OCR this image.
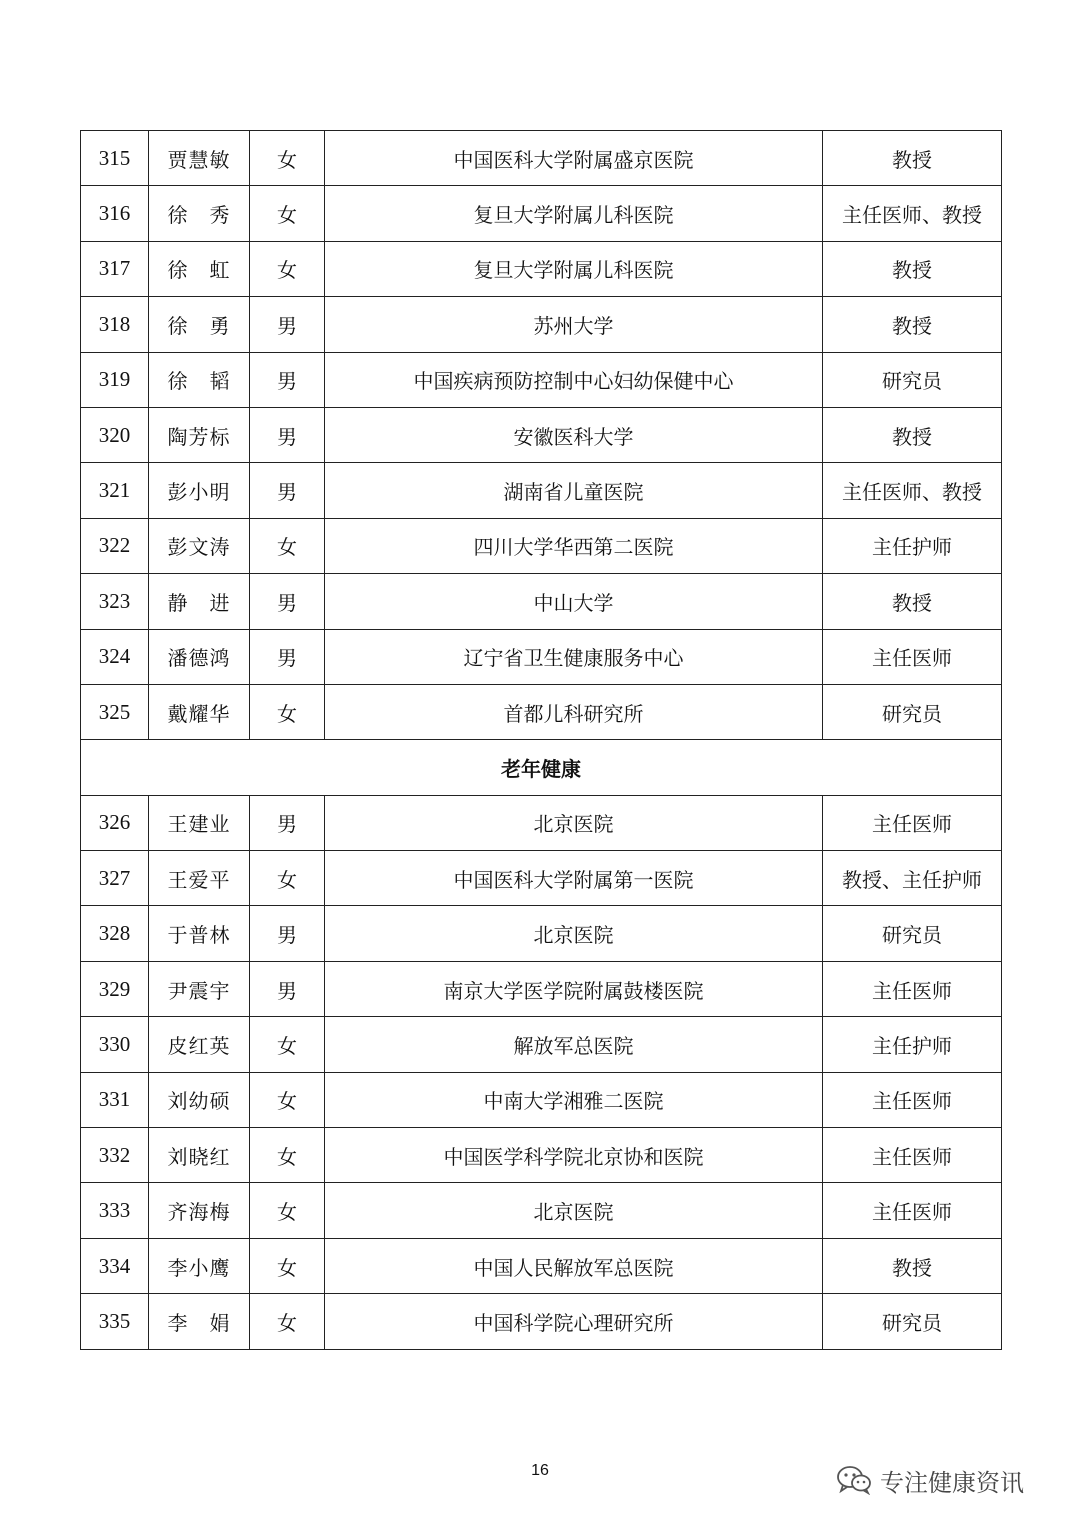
315	贾慧敏	女	中国医科大学附属盛京医院	教授
316	徐　秀	女	复旦大学附属儿科医院	主任医师、教授
317	徐　虹	女	复旦大学附属儿科医院	教授
318	徐　勇	男	苏州大学	教授
319	徐　韬	男	中国疾病预防控制中心妇幼保健中心	研究员
320	陶芳标	男	安徽医科大学	教授
321	彭小明	男	湖南省儿童医院	主任医师、教授
322	彭文涛	女	四川大学华西第二医院	主任护师
323	静　进	男	中山大学	教授
324	潘德鸿	男	辽宁省卫生健康服务中心	主任医师
325	戴耀华	女	首都儿科研究所	研究员
老年健康				
326	王建业	男	北京医院	主任医师
327	王爱平	女	中国医科大学附属第一医院	教授、主任护师
328	于普林	男	北京医院	研究员
329	尹震宇	男	南京大学医学院附属鼓楼医院	主任医师
330	皮红英	女	解放军总医院	主任护师
331	刘幼硕	女	中南大学湘雅二医院	主任医师
332	刘晓红	女	中国医学科学院北京协和医院	主任医师
333	齐海梅	女	北京医院	主任医师
334	李小鹰	女	中国人民解放军总医院	教授
335	李　娟	女	中国科学院心理研究所	研究员
16	专注健康资讯
